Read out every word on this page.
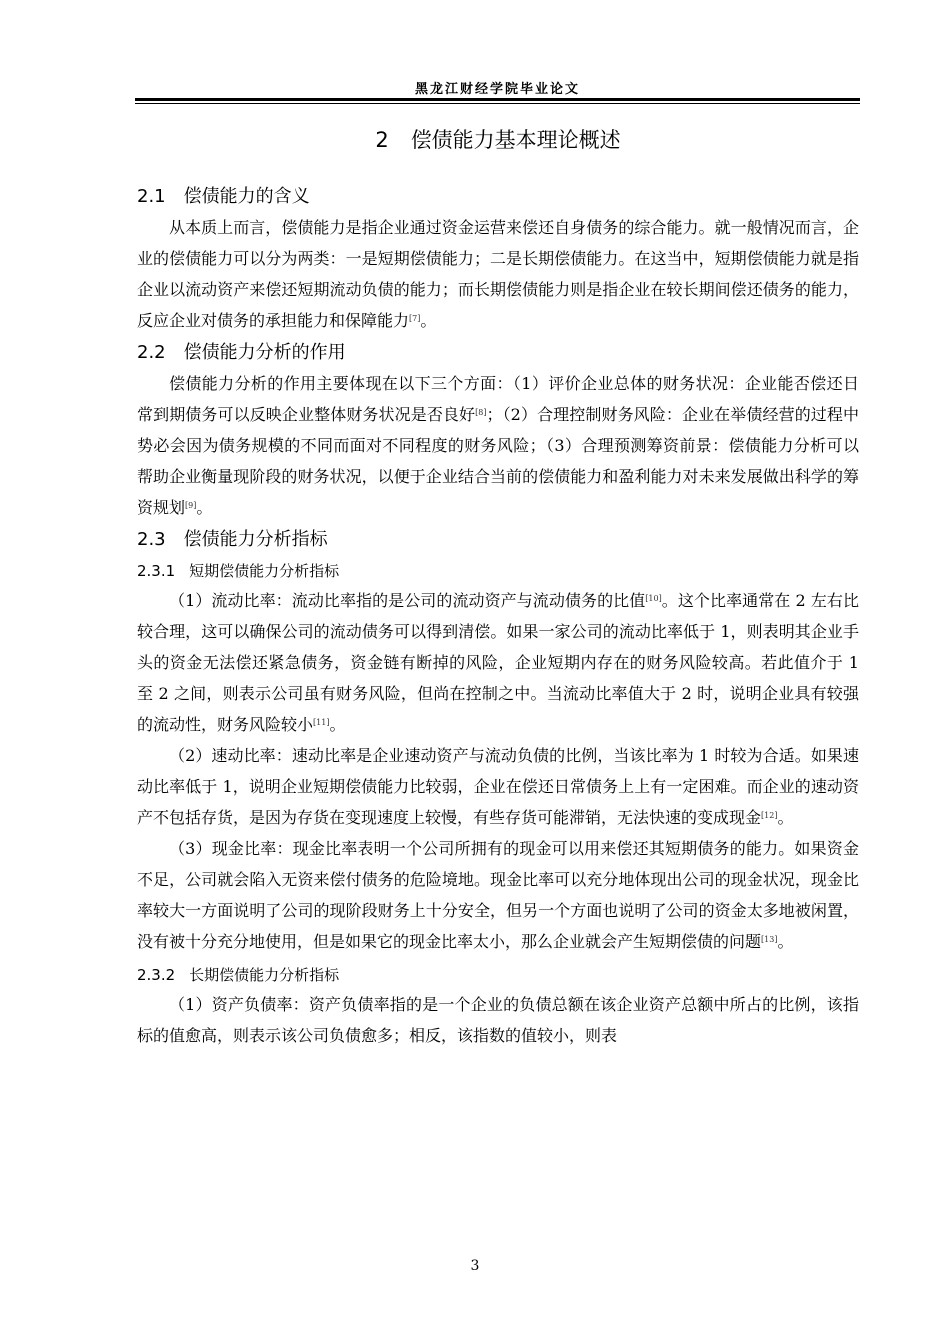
黑龙江财经学院毕业论文
2 偿债能力基本理论概述
2.1 偿债能力的含义

从本质上而言，偿债能力是指企业通过资金运营来偿还自身债务的综合能力。就一般情况而言，企业的偿债能力可以分为两类：一是短期偿债能力；二是长期偿债能力。在这当中，短期偿债能力就是指企业以流动资产来偿还短期流动负债的能力；而长期偿债能力则是指企业在较长期间偿还债务的能力，反应企业对债务的承担能力和保障能力[7]。

2.2 偿债能力分析的作用

偿债能力分析的作用主要体现在以下三个方面：（1）评价企业总体的财务状况：企业能否偿还日常到期债务可以反映企业整体财务状况是否良好[8]；（2）合理控制财务风险：企业在举债经营的过程中势必会因为债务规模的不同而面对不同程度的财务风险；（3）合理预测筹资前景：偿债能力分析可以帮助企业衡量现阶段的财务状况，以便于企业结合当前的偿债能力和盈利能力对未来发展做出科学的筹资规划[9]。

2.3 偿债能力分析指标
2.3.1 短期偿债能力分析指标

（1）流动比率：流动比率指的是公司的流动资产与流动债务的比值[10]。这个比率通常在 2 左右比较合理，这可以确保公司的流动债务可以得到清偿。如果一家公司的流动比率低于 1，则表明其企业手头的资金无法偿还紧急债务，资金链有断掉的风险，企业短期内存在的财务风险较高。若此值介于 1 至 2 之间，则表示公司虽有财务风险，但尚在控制之中。当流动比率值大于 2 时，说明企业具有较强的流动性，财务风险较小[11]。

（2）速动比率：速动比率是企业速动资产与流动负债的比例，当该比率为 1 时较为合适。如果速动比率低于 1，说明企业短期偿债能力比较弱，企业在偿还日常债务上上有一定困难。而企业的速动资产不包括存货，是因为存货在变现速度上较慢，有些存货可能滞销，无法快速的变成现金[12]。

（3）现金比率：现金比率表明一个公司所拥有的现金可以用来偿还其短期债务的能力。如果资金不足，公司就会陷入无资来偿付债务的危险境地。现金比率可以充分地体现出公司的现金状况，现金比率较大一方面说明了公司的现阶段财务上十分安全，但另一个方面也说明了公司的资金太多地被闲置，没有被十分充分地使用，但是如果它的现金比率太小，那么企业就会产生短期偿债的问题[13]。

2.3.2 长期偿债能力分析指标

（1）资产负债率：资产负债率指的是一个企业的负债总额在该企业资产总额中所占的比例，该指标的值愈高，则表示该公司负债愈多；相反，该指数的值较小，则表

3
